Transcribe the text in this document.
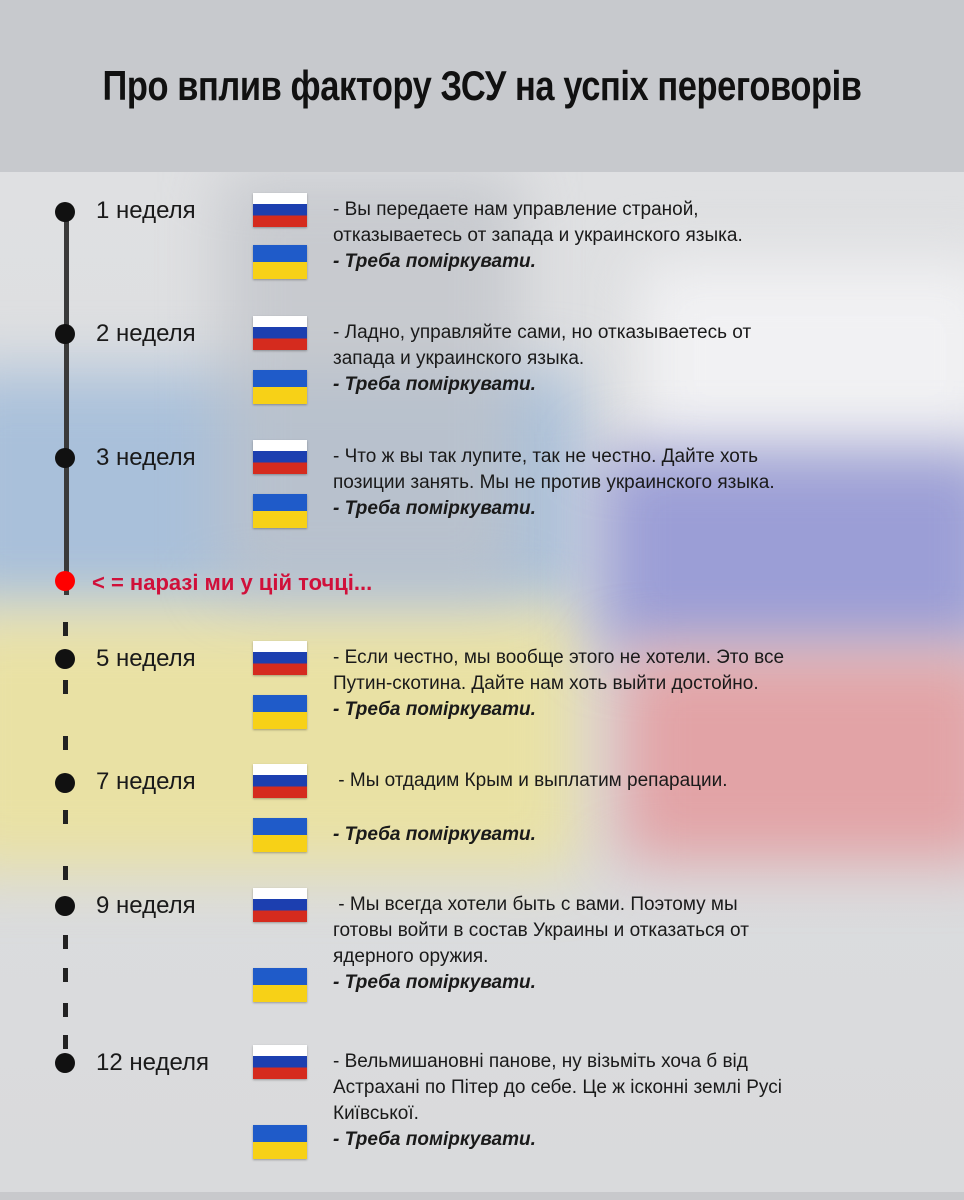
Про вплив фактору ЗСУ на успіх переговорів
< = наразі ми у цій точці...
1 неделя	- Вы передаете нам управление страной,
отказываетесь от запада и украинского языка.
- Треба поміркувати.
2 неделя	- Ладно, управляйте сами, но отказываетесь от
запада и украинского языка.
- Треба поміркувати.
3 неделя	- Что ж вы так лупите, так не честно. Дайте хоть
позиции занять. Мы не против украинского языка.
- Треба поміркувати.
5 неделя	- Если честно, мы вообще этого не хотели. Это все
Путин-скотина. Дайте нам хоть выйти достойно.
- Треба поміркувати.
7 неделя	- Мы отдадим Крым и выплатим репарации.
- Треба поміркувати.
9 неделя	- Мы всегда хотели быть с вами. Поэтому мы
готовы войти в состав Украины и отказаться от
ядерного оружия.
- Треба поміркувати.
12 неделя	- Вельмишановні панове, ну візьміть хоча б від
Астрахані по Пітер до себе. Це ж ісконні землі Русі
Київської.
- Треба поміркувати.
